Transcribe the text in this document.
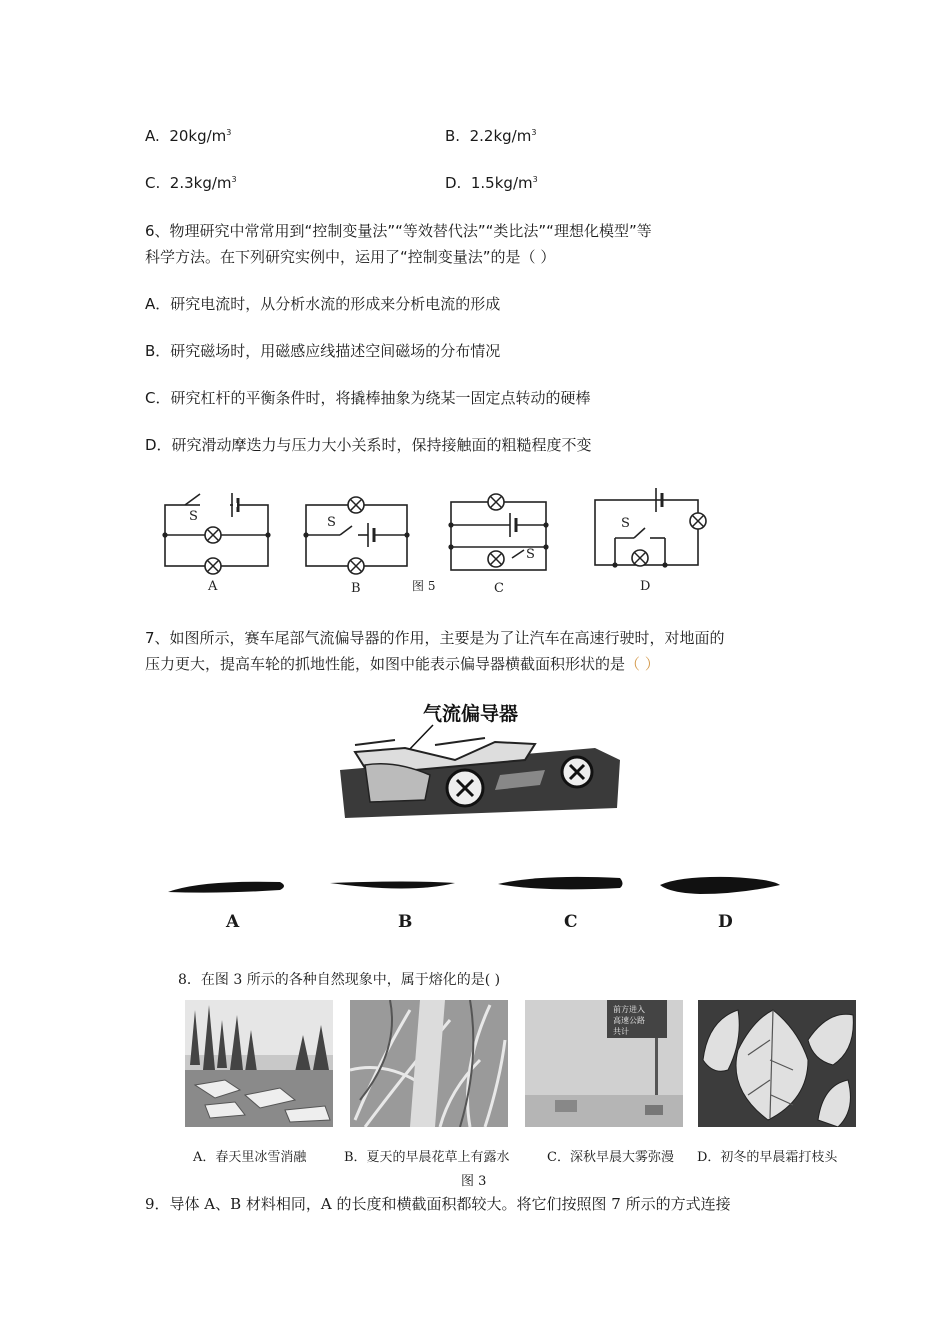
A. $20kg/m^3$	B. $2.2kg/m^3$
C. $2.3kg/m^3$	D. $1.5kg/m^3$
6、物理研究中常常用到“控制变量法”“等效替代法”“类比法”“理想化模型”等
科学方法。在下列研究实例中，运用了“控制变量法”的是（ ）
A．研究电流时，从分析水流的形成来分析电流的形成
B．研究磁场时，用磁感应线描述空间磁场的分布情况
C．研究杠杆的平衡条件时，将撬棒抽象为绕某一固定点转动的硬棒
D．研究滑动摩迭力与压力大小关系时，保持接触面的粗糙程度不变
S	S
S
S
A	B	图 5	C	D
7、如图所示，赛车尾部气流偏导器的作用，主要是为了让汽车在高速行驶时，对地面的
压力更大，提高车轮的抓地性能，如图中能表示偏导器横截面积形状的是（ ）
气流偏导器
A	B	C	D
8．在图 3 所示的各种自然现象中，属于熔化的是( )
前方进入
高速公路
共计
A．春天里冰雪消融	B．夏天的早晨花草上有露水	C．深秋早晨大雾弥漫 D．初冬的早晨霜打枝头
图 3
9．导体 A、B 材料相同，A 的长度和横截面积都较大。将它们按照图 7 所示的方式连接
